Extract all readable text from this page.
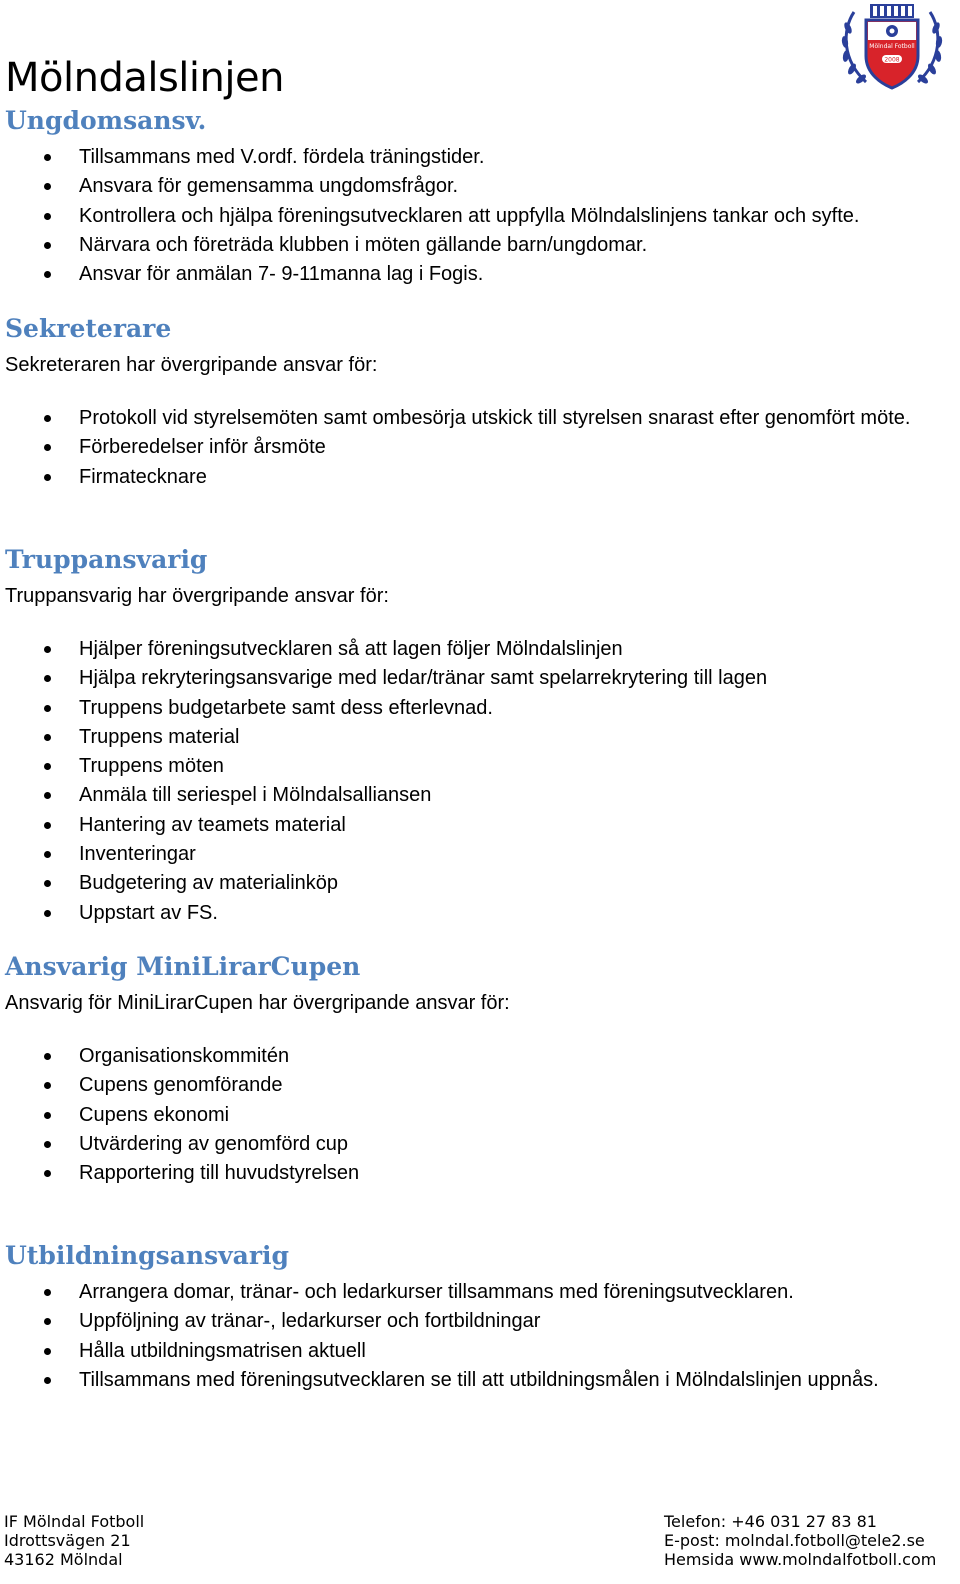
Mölndalslinjen
Mölndal Fotboll
2008
Ungdomsansv.
Tillsammans med V.ordf. fördela träningstider.
Ansvara för gemensamma ungdomsfrågor.
Kontrollera och hjälpa föreningsutvecklaren att uppfylla Mölndalslinjens tankar och syfte.
Närvara och företräda klubben i möten gällande barn/ungdomar.
Ansvar för anmälan 7- 9-11manna lag i Fogis.
Sekreterare

Sekreteraren har övergripande ansvar för:

Protokoll vid styrelsemöten samt ombesörja utskick till styrelsen snarast efter genomfört möte.
Förberedelser inför årsmöte
Firmatecknare
Truppansvarig

Truppansvarig har övergripande ansvar för:

Hjälper föreningsutvecklaren så att lagen följer Mölndalslinjen
Hjälpa rekryteringsansvarige med ledar/tränar samt spelarrekrytering till lagen
Truppens budgetarbete samt dess efterlevnad.
Truppens material
Truppens möten
Anmäla till seriespel i Mölndalsalliansen
Hantering av teamets material
Inventeringar
Budgetering av materialinköp
Uppstart av FS.
Ansvarig MiniLirarCupen

Ansvarig för MiniLirarCupen har övergripande ansvar för:

Organisationskommitén
Cupens genomförande
Cupens ekonomi
Utvärdering av genomförd cup
Rapportering till huvudstyrelsen
Utbildningsansvarig
Arrangera domar, tränar- och ledarkurser tillsammans med föreningsutvecklaren.
Uppföljning av tränar-, ledarkurser och fortbildningar
Hålla utbildningsmatrisen aktuell
Tillsammans med föreningsutvecklaren se till att utbildningsmålen i Mölndalslinjen uppnås.
IF Mölndal Fotboll
Idrottsvägen 21
43162 Mölndal
Telefon: +46 031 27 83 81
E-post: molndal.fotboll@tele2.se
Hemsida www.molndalfotboll.com
